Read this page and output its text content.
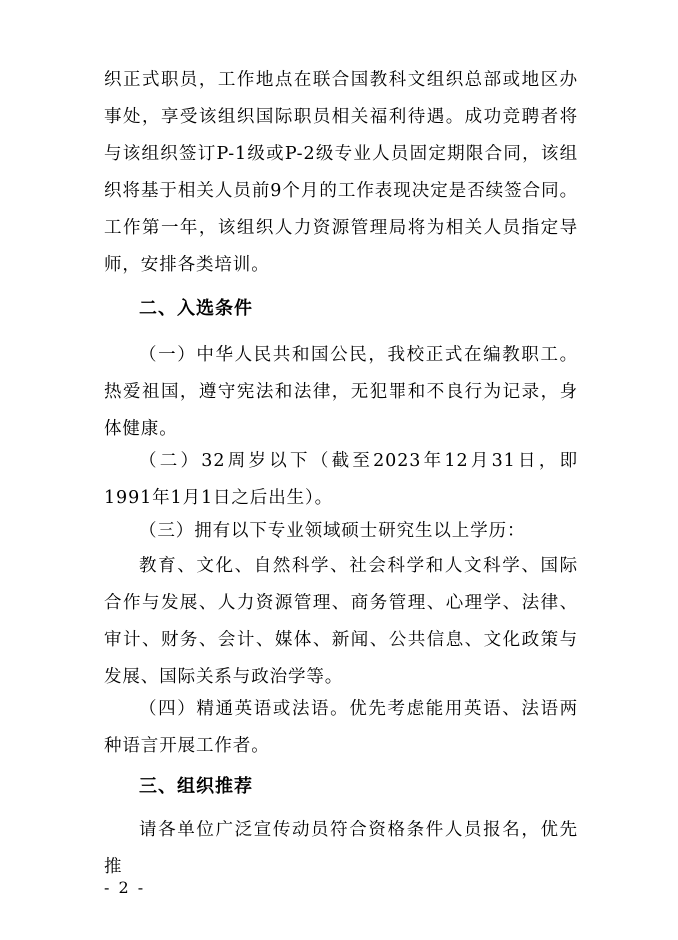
织正式职员，工作地点在联合国教科文组织总部或地区办事处，享受该组织国际职员相关福利待遇。成功竞聘者将与该组织签订P-1级或P-2级专业人员固定期限合同，该组织将基于相关人员前9个月的工作表现决定是否续签合同。工作第一年，该组织人力资源管理局将为相关人员指定导师，安排各类培训。

二、入选条件

（一）中华人民共和国公民，我校正式在编教职工。热爱祖国，遵守宪法和法律，无犯罪和不良行为记录，身体健康。

（二）32周岁以下（截至2023年12月31日，即1991年1月1日之后出生）。

（三）拥有以下专业领域硕士研究生以上学历：

教育、文化、自然科学、社会科学和人文科学、国际合作与发展、人力资源管理、商务管理、心理学、法律、审计、财务、会计、媒体、新闻、公共信息、文化政策与发展、国际关系与政治学等。

（四）精通英语或法语。优先考虑能用英语、法语两种语言开展工作者。

三、组织推荐

请各单位广泛宣传动员符合资格条件人员报名，优先推

- 2 -
